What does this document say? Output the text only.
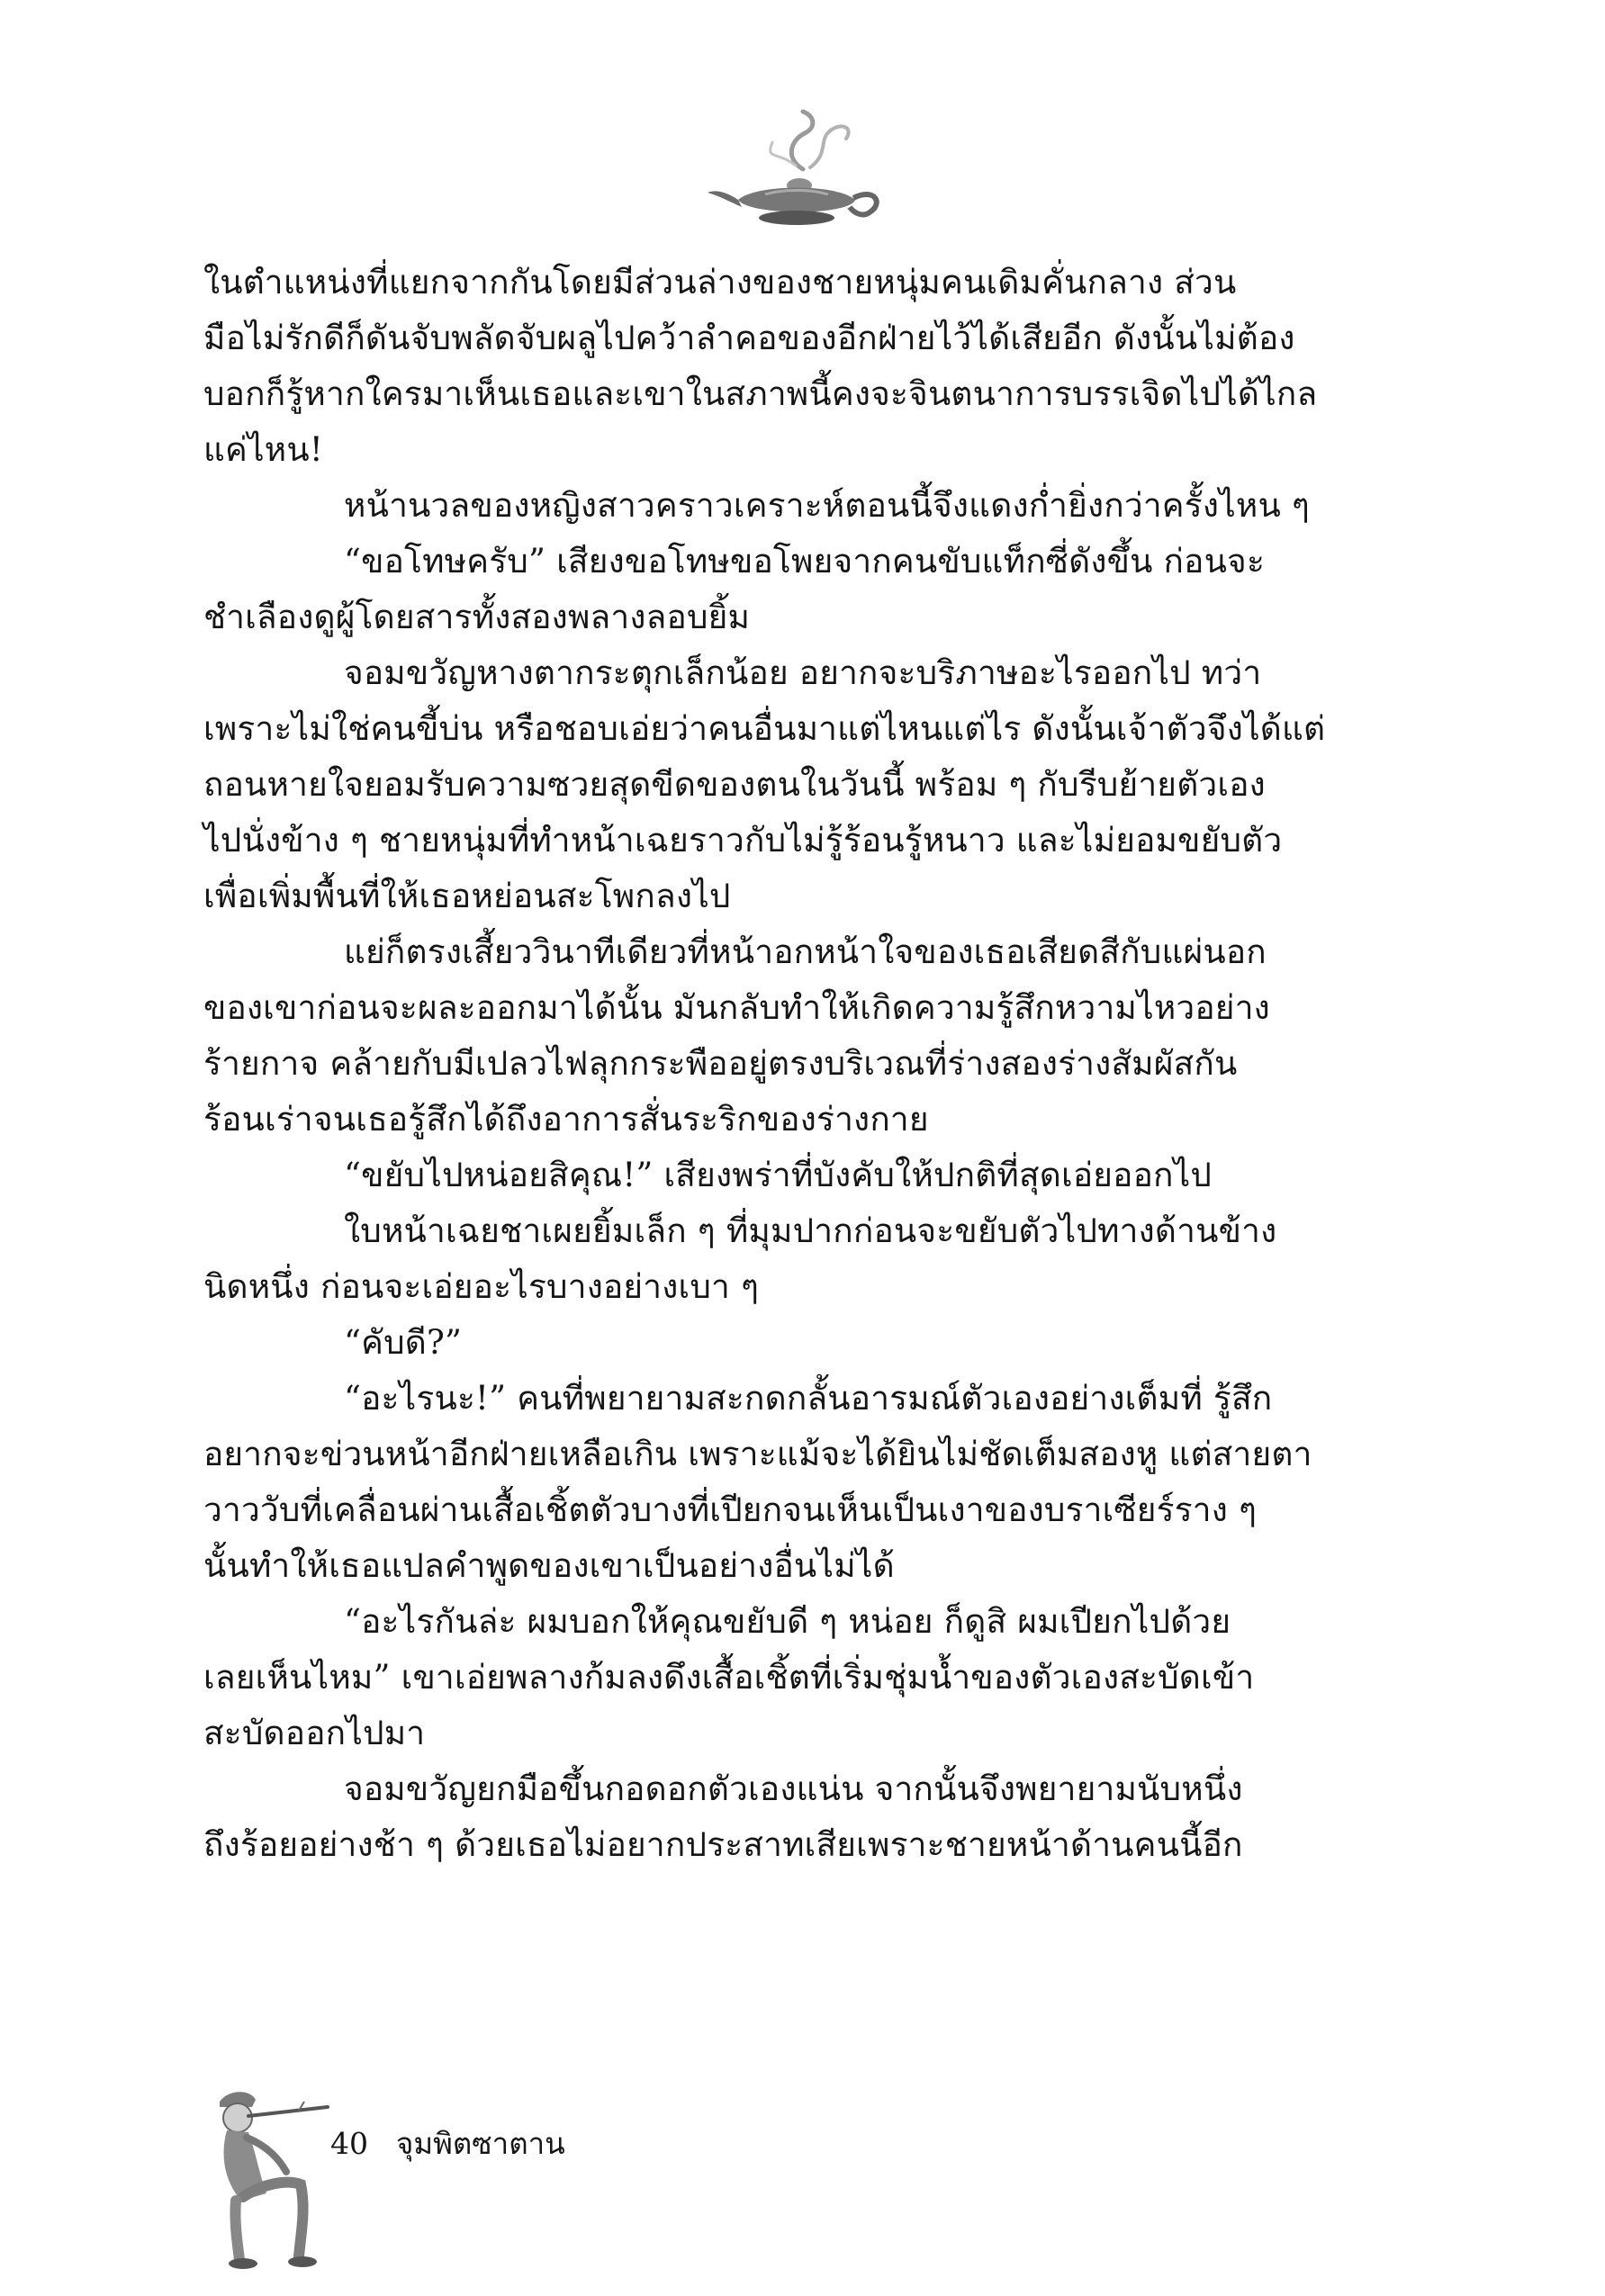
ในตำแหน่งที่แยกจากกันโดยมีส่วนล่างของชายหนุ่มคนเดิมคั่นกลาง ส่วน
มือไม่รักดีก็ดันจับพลัดจับผลูไปคว้าลำคอของอีกฝ่ายไว้ได้เสียอีก ดังนั้นไม่ต้อง
บอกก็รู้หากใครมาเห็นเธอและเขาในสภาพนี้คงจะจินตนาการบรรเจิดไปได้ไกล
แค่ไหน!
หน้านวลของหญิงสาวคราวเคราะห์ตอนนี้จึงแดงก่ำยิ่งกว่าครั้งไหน ๆ
“ขอโทษครับ” เสียงขอโทษขอโพยจากคนขับแท็กซี่ดังขึ้น ก่อนจะ
ชำเลืองดูผู้โดยสารทั้งสองพลางลอบยิ้ม
จอมขวัญหางตากระตุกเล็กน้อย อยากจะบริภาษอะไรออกไป ทว่า
เพราะไม่ใช่คนขี้บ่น หรือชอบเอ่ยว่าคนอื่นมาแต่ไหนแต่ไร ดังนั้นเจ้าตัวจึงได้แต่
ถอนหายใจยอมรับความซวยสุดขีดของตนในวันนี้ พร้อม ๆ กับรีบย้ายตัวเอง
ไปนั่งข้าง ๆ ชายหนุ่มที่ทำหน้าเฉยราวกับไม่รู้ร้อนรู้หนาว และไม่ยอมขยับตัว
เพื่อเพิ่มพื้นที่ให้เธอหย่อนสะโพกลงไป
แย่ก็ตรงเสี้ยววินาทีเดียวที่หน้าอกหน้าใจของเธอเสียดสีกับแผ่นอก
ของเขาก่อนจะผละออกมาได้นั้น มันกลับทำให้เกิดความรู้สึกหวามไหวอย่าง
ร้ายกาจ คล้ายกับมีเปลวไฟลุกกระพืออยู่ตรงบริเวณที่ร่างสองร่างสัมผัสกัน
ร้อนเร่าจนเธอรู้สึกได้ถึงอาการสั่นระริกของร่างกาย
“ขยับไปหน่อยสิคุณ!” เสียงพร่าที่บังคับให้ปกติที่สุดเอ่ยออกไป
ใบหน้าเฉยชาเผยยิ้มเล็ก ๆ ที่มุมปากก่อนจะขยับตัวไปทางด้านข้าง
นิดหนึ่ง ก่อนจะเอ่ยอะไรบางอย่างเบา ๆ
“คับดี?”
“อะไรนะ!” คนที่พยายามสะกดกลั้นอารมณ์ตัวเองอย่างเต็มที่ รู้สึก
อยากจะข่วนหน้าอีกฝ่ายเหลือเกิน เพราะแม้จะได้ยินไม่ชัดเต็มสองหู แต่สายตา
วาววับที่เคลื่อนผ่านเสื้อเชิ้ตตัวบางที่เปียกจนเห็นเป็นเงาของบราเซียร์ราง ๆ
นั้นทำให้เธอแปลคำพูดของเขาเป็นอย่างอื่นไม่ได้
“อะไรกันล่ะ ผมบอกให้คุณขยับดี ๆ หน่อย ก็ดูสิ ผมเปียกไปด้วย
เลยเห็นไหม” เขาเอ่ยพลางก้มลงดึงเสื้อเชิ้ตที่เริ่มชุ่มน้ำของตัวเองสะบัดเข้า
สะบัดออกไปมา
จอมขวัญยกมือขึ้นกอดอกตัวเองแน่น จากนั้นจึงพยายามนับหนึ่ง
ถึงร้อยอย่างช้า ๆ ด้วยเธอไม่อยากประสาทเสียเพราะชายหน้าด้านคนนี้อีก
40 จุมพิตซาตาน
